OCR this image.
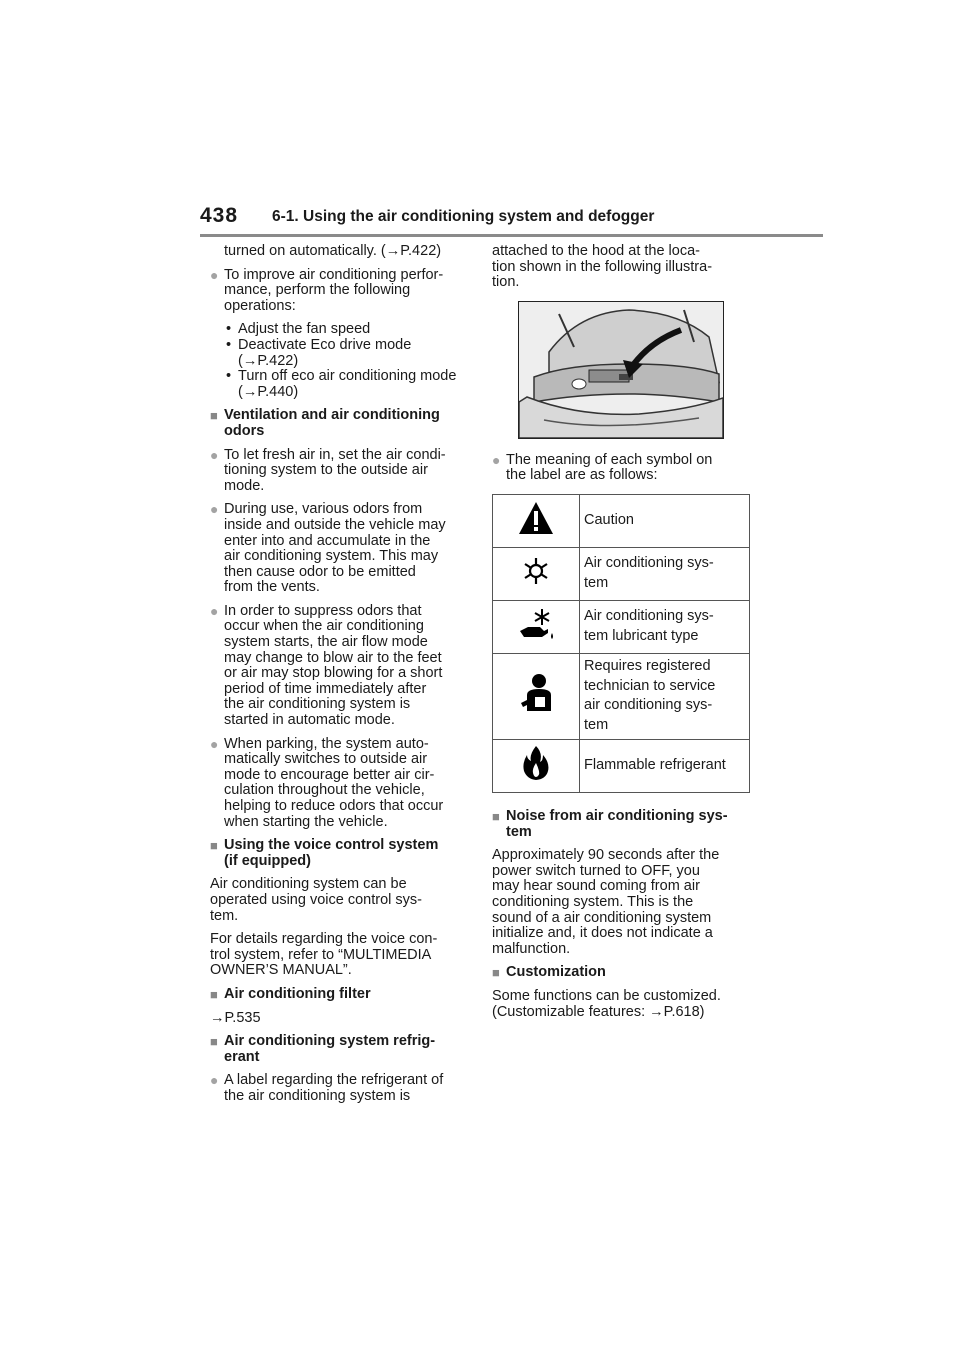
438 6-1. Using the air conditioning system and defogger

turned on automatically. (→P.422)

● To improve air conditioning perfor-
mance, perform the following
operations:

• Adjust the fan speed

• Deactivate Eco drive mode
(→P.422)

• Turn off eco air conditioning mode
(→P.440)

■ Ventilation and air conditioning
odors

● To let fresh air in, set the air condi-
tioning system to the outside air
mode.

● During use, various odors from
inside and outside the vehicle may
enter into and accumulate in the
air conditioning system. This may
then cause odor to be emitted
from the vents.

● In order to suppress odors that
occur when the air conditioning
system starts, the air flow mode
may change to blow air to the feet
or air may stop blowing for a short
period of time immediately after
the air conditioning system is
started in automatic mode.

● When parking, the system auto-
matically switches to outside air
mode to encourage better air cir-
culation throughout the vehicle,
helping to reduce odors that occur
when starting the vehicle.

■ Using the voice control system
(if equipped)

Air conditioning system can be
operated using voice control sys-
tem.

For details regarding the voice con-
trol system, refer to “MULTIMEDIA
OWNER’S MANUAL”.

■ Air conditioning filter

→P.535

■ Air conditioning system refrig-
erant

● A label regarding the refrigerant of
the air conditioning system is

attached to the hood at the loca-
tion shown in the following illustra-
tion.

● The meaning of each symbol on
the label are as follows:

Caution

Air conditioning sys-
tem

Air conditioning sys-
tem lubricant type

Requires registered
technician to service
air conditioning sys-
tem

Flammable refrigerant

■ Noise from air conditioning sys-
tem

Approximately 90 seconds after the
power switch turned to OFF, you
may hear sound coming from air
conditioning system. This is the
sound of a air conditioning system
initialize and, it does not indicate a
malfunction.

■ Customization

Some functions can be customized.
(Customizable features: →P.618)
